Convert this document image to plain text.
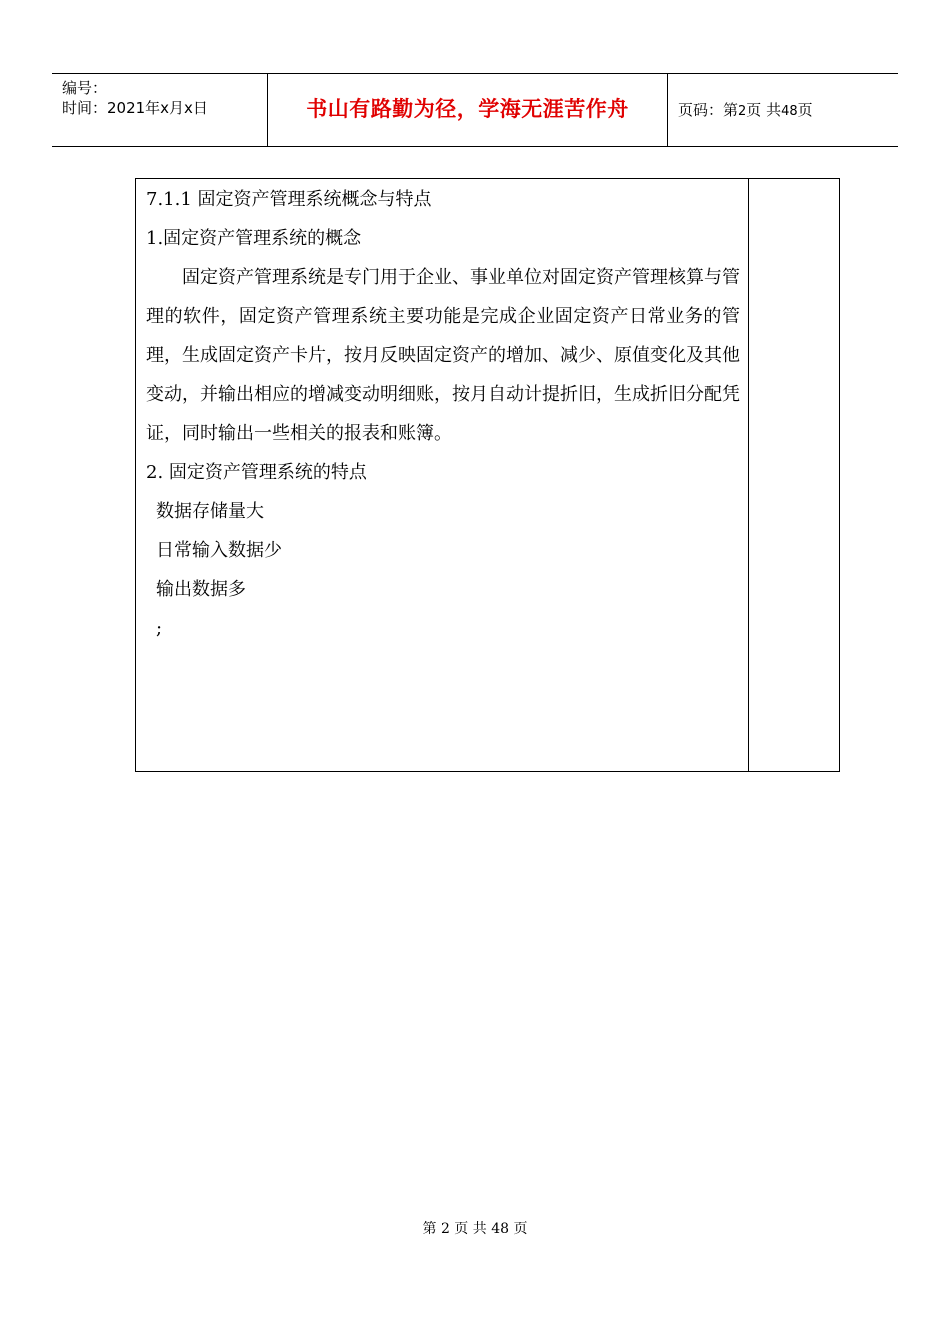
编号：
时间：2021年x月x日	书山有路勤为径，学海无涯苦作舟	页码：第2页 共48页

7.1.1 固定资产管理系统概念与特点

1.固定资产管理系统的概念

固定资产管理系统是专门用于企业、事业单位对固定资产管理核算与管理的软件，固定资产管理系统主要功能是完成企业固定资产日常业务的管理，生成固定资产卡片，按月反映固定资产的增加、减少、原值变化及其他变动，并输出相应的增减变动明细账，按月自动计提折旧，生成折旧分配凭证，同时输出一些相关的报表和账簿。

2. 固定资产管理系统的特点

数据存储量大

日常输入数据少

输出数据多

;

第 2 页 共 48 页
